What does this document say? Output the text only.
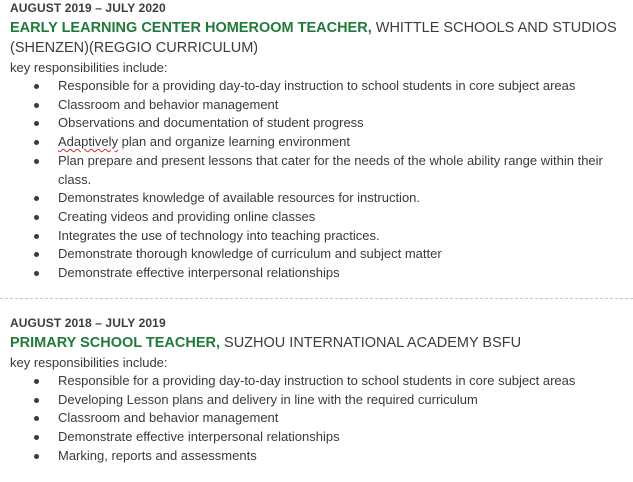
AUGUST 2019 – JULY 2020
EARLY LEARNING CENTER HOMEROOM TEACHER, WHITTLE SCHOOLS AND STUDIOS (SHENZEN)(REGGIO CURRICULUM)
key responsibilities include:
Responsible for a providing day-to-day instruction to school students in core subject areas
Classroom and behavior management
Observations and documentation of student progress
Adaptively plan and organize learning environment
Plan prepare and present lessons that cater for the needs of the whole ability range within their class.
Demonstrates knowledge of available resources for instruction.
Creating videos and providing online classes
Integrates the use of technology into teaching practices.
Demonstrate thorough knowledge of curriculum and subject matter
Demonstrate effective interpersonal relationships
AUGUST 2018 – JULY 2019
PRIMARY SCHOOL TEACHER, SUZHOU INTERNATIONAL ACADEMY BSFU
key responsibilities include:
Responsible for a providing day-to-day instruction to school students in core subject areas
Developing Lesson plans and delivery in line with the required curriculum
Classroom and behavior management
Demonstrate effective interpersonal relationships
Marking, reports and assessments
